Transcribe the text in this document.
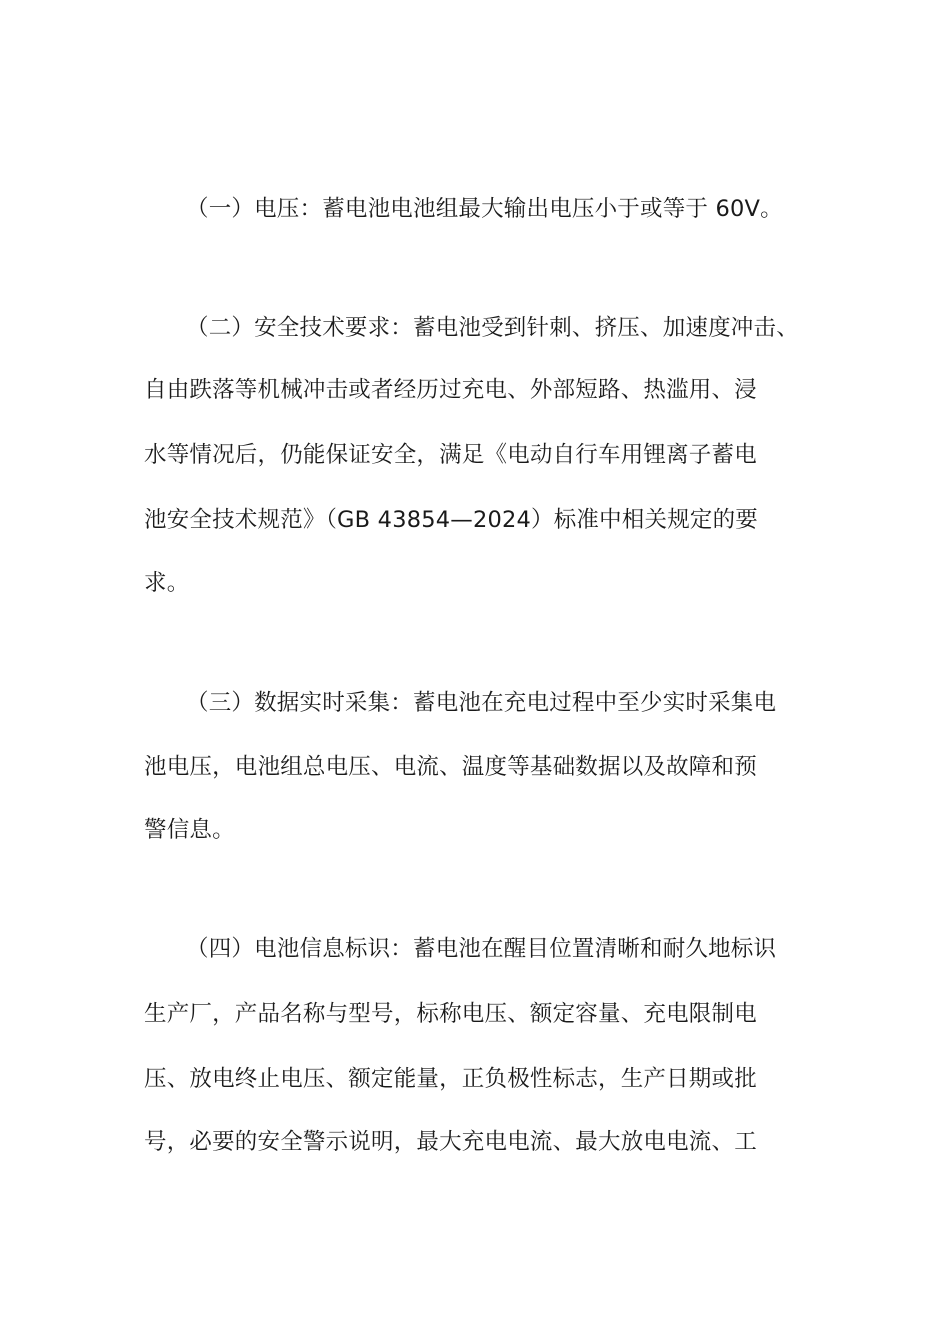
（一）电压：蓄电池电池组最大输出电压小于或等于 60V。
（二）安全技术要求：蓄电池受到针刺、挤压、加速度冲击、
自由跌落等机械冲击或者经历过充电、外部短路、热滥用、浸
水等情况后，仍能保证安全，满足《电动自行车用锂离子蓄电
池安全技术规范》（GB 43854—2024）标准中相关规定的要
求。
（三）数据实时采集：蓄电池在充电过程中至少实时采集电
池电压，电池组总电压、电流、温度等基础数据以及故障和预
警信息。
（四）电池信息标识：蓄电池在醒目位置清晰和耐久地标识
生产厂，产品名称与型号，标称电压、额定容量、充电限制电
压、放电终止电压、额定能量，正负极性标志，生产日期或批
号，必要的安全警示说明，最大充电电流、最大放电电流、工
